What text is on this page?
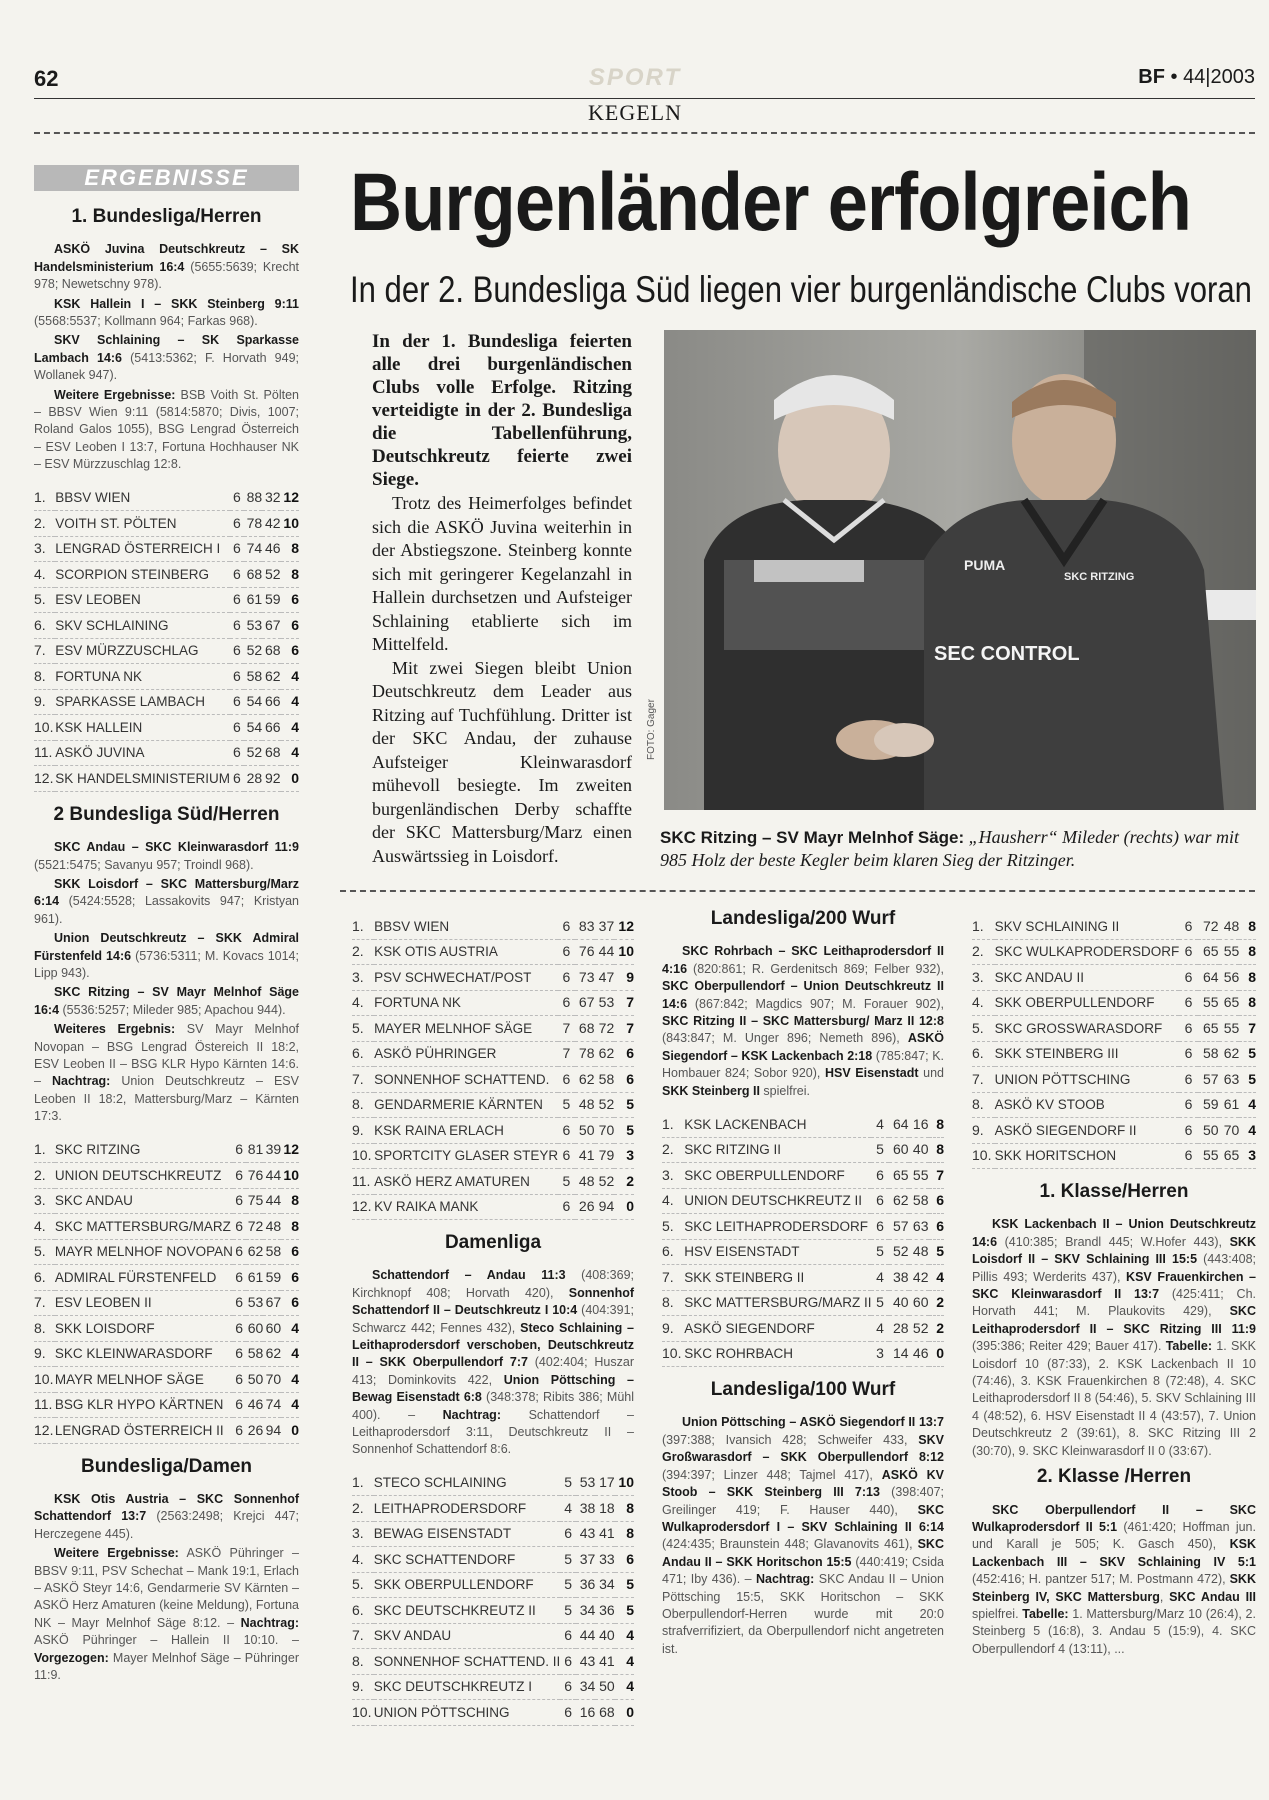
62	SPORT	BF • 44|2003
KEGELN
ERGEBNISSE
1. Bundesliga/Herren

ASKÖ Juvina Deutschkreutz – SK Handelsministerium 16:4 (5655:5639; Krecht 978; Newetschny 978).

KSK Hallein I – SKK Steinberg 9:11 (5568:5537; Kollmann 964; Farkas 968).

SKV Schlaining – SK Sparkasse Lambach 14:6 (5413:5362; F. Horvath 949; Wollanek 947).

Weitere Ergebnisse: BSB Voith St. Pölten – BBSV Wien 9:11 (5814:5870; Divis, 1007; Roland Galos 1055), BSG Lengrad Österreich – ESV Leoben I 13:7, Fortuna Hochhauser NK – ESV Mürzzuschlag 12:8.

1.	BBSV WIEN	6	88	32	12
2.	VOITH ST. PÖLTEN	6	78	42	10
3.	LENGRAD ÖSTERREICH I	6	74	46	8
4.	SCORPION STEINBERG	6	68	52	8
5.	ESV LEOBEN	6	61	59	6
6.	SKV SCHLAINING	6	53	67	6
7.	ESV MÜRZZUSCHLAG	6	52	68	6
8.	FORTUNA NK	6	58	62	4
9.	SPARKASSE LAMBACH	6	54	66	4
10.	KSK HALLEIN	6	54	66	4
11.	ASKÖ JUVINA	6	52	68	4
12.	SK HANDELSMINISTERIUM	6	28	92	0
2 Bundesliga Süd/Herren

SKC Andau – SKC Kleinwarasdorf 11:9 (5521:5475; Savanyu 957; Troindl 968).

SKK Loisdorf – SKC Mattersburg/Marz 6:14 (5424:5528; Lassakovits 947; Kristyan 961).

Union Deutschkreutz – SKK Admiral Fürstenfeld 14:6 (5736:5311; M. Kovacs 1014; Lipp 943).

SKC Ritzing – SV Mayr Melnhof Säge 16:4 (5536:5257; Mileder 985; Apachou 944).

Weiteres Ergebnis: SV Mayr Melnhof Novopan – BSG Lengrad Östereich II 18:2, ESV Leoben II – BSG KLR Hypo Kärnten 14:6. – Nachtrag: Union Deutschkreutz – ESV Leoben II 18:2, Mattersburg/Marz – Kärnten 17:3.

1.	SKC RITZING	6	81	39	12
2.	UNION DEUTSCHKREUTZ	6	76	44	10
3.	SKC ANDAU	6	75	44	8
4.	SKC MATTERSBURG/MARZ	6	72	48	8
5.	MAYR MELNHOF NOVOPAN	6	62	58	6
6.	ADMIRAL FÜRSTENFELD	6	61	59	6
7.	ESV LEOBEN II	6	53	67	6
8.	SKK LOISDORF	6	60	60	4
9.	SKC KLEINWARASDORF	6	58	62	4
10.	MAYR MELNHOF SÄGE	6	50	70	4
11.	BSG KLR HYPO KÄRTNEN	6	46	74	4
12.	LENGRAD ÖSTERREICH II	6	26	94	0
Bundesliga/Damen

KSK Otis Austria – SKC Sonnenhof Schattendorf 13:7 (2563:2498; Krejci 447; Herczegene 445).

Weitere Ergebnisse: ASKÖ Pühringer – BBSV 9:11, PSV Schechat – Mank 19:1, Erlach – ASKÖ Steyr 14:6, Gendarmerie SV Kärnten – ASKÖ Herz Amaturen (keine Meldung), Fortuna NK – Mayr Melnhof Säge 8:12. – Nachtrag: ASKÖ Pühringer – Hallein II 10:10. – Vorgezogen: Mayer Melnhof Säge – Pühringer 11:9.

Burgenländer erfolgreich
In der 2. Bundesliga Süd liegen vier burgenländische Clubs voran
In der 1. Bundesliga feierten alle drei burgenländischen Clubs volle Erfolge. Ritzing verteidigte in der 2. Bundesliga die Tabellenführung, Deutschkreutz feierte zwei Siege.

Trotz des Heimerfolges befindet sich die ASKÖ Juvina weiterhin in der Abstiegszone. Steinberg konnte sich mit geringerer Kegelanzahl in Hallein durchsetzen und Aufsteiger Schlaining etablierte sich im Mittelfeld.

Mit zwei Siegen bleibt Union Deutschkreutz dem Leader aus Ritzing auf Tuchfühlung. Dritter ist der SKC Andau, der zuhause Aufsteiger Kleinwarasdorf mühevoll besiegte. Im zweiten burgenländischen Derby schaffte der SKC Mattersburg/Marz einen Auswärtssieg in Loisdorf.

PUMA
SKC RITZING
SEC CONTROL
FOTO: Gager
SKC Ritzing – SV Mayr Melnhof Säge: „Hausherr“ Mileder (rechts) war mit 985 Holz der beste Kegler beim klaren Sieg der Ritzinger.
1.	BBSV WIEN	6	83	37	12
2.	KSK OTIS AUSTRIA	6	76	44	10
3.	PSV SCHWECHAT/POST	6	73	47	9
4.	FORTUNA NK	6	67	53	7
5.	MAYER MELNHOF SÄGE	7	68	72	7
6.	ASKÖ PÜHRINGER	7	78	62	6
7.	SONNENHOF SCHATTEND.	6	62	58	6
8.	GENDARMERIE KÄRNTEN	5	48	52	5
9.	KSK RAINA ERLACH	6	50	70	5
10.	SPORTCITY GLASER STEYR	6	41	79	3
11.	ASKÖ HERZ AMATUREN	5	48	52	2
12.	KV RAIKA MANK	6	26	94	0
Damenliga

Schattendorf – Andau 11:3 (408:369; Kirchknopf 408; Horvath 420), Sonnenhof Schattendorf II – Deutschkreutz I 10:4 (404:391; Schwarcz 442; Fennes 432), Steco Schlaining – Leithaprodersdorf verschoben, Deutschkreutz II – SKK Oberpullendorf 7:7 (402:404; Huszar 413; Dominkovits 422, Union Pöttsching – Bewag Eisenstadt 6:8 (348:378; Ribits 386; Mühl 400). – Nachtrag: Schattendorf – Leithaprodersdorf 3:11, Deutschkreutz II – Sonnenhof Schattendorf 8:6.

1.	STECO SCHLAINING	5	53	17	10
2.	LEITHAPRODERSDORF	4	38	18	8
3.	BEWAG EISENSTADT	6	43	41	8
4.	SKC SCHATTENDORF	5	37	33	6
5.	SKK OBERPULLENDORF	5	36	34	5
6.	SKC DEUTSCHKREUTZ II	5	34	36	5
7.	SKV ANDAU	6	44	40	4
8.	SONNENHOF SCHATTEND. II	6	43	41	4
9.	SKC DEUTSCHKREUTZ I	6	34	50	4
10.	UNION PÖTTSCHING	6	16	68	0
Landesliga/200 Wurf

SKC Rohrbach – SKC Leithaprodersdorf II 4:16 (820:861; R. Gerdenitsch 869; Felber 932), SKC Oberpullendorf – Union Deutschkreutz II 14:6 (867:842; Magdics 907; M. Forauer 902), SKC Ritzing II – SKC Mattersburg/ Marz II 12:8 (843:847; M. Unger 896; Nemeth 896), ASKÖ Siegendorf – KSK Lackenbach 2:18 (785:847; K. Hombauer 824; Sobor 920), HSV Eisenstadt und SKK Steinberg II spielfrei.

1.	KSK LACKENBACH	4	64	16	8
2.	SKC RITZING II	5	60	40	8
3.	SKC OBERPULLENDORF	6	65	55	7
4.	UNION DEUTSCHKREUTZ II	6	62	58	6
5.	SKC LEITHAPRODERSDORF	6	57	63	6
6.	HSV EISENSTADT	5	52	48	5
7.	SKK STEINBERG II	4	38	42	4
8.	SKC MATTERSBURG/MARZ II	5	40	60	2
9.	ASKÖ SIEGENDORF	4	28	52	2
10.	SKC ROHRBACH	3	14	46	0
Landesliga/100 Wurf

Union Pöttsching – ASKÖ Siegendorf II 13:7 (397:388; Ivansich 428; Schweifer 433, SKV Großwarasdorf – SKK Oberpullendorf 8:12 (394:397; Linzer 448; Tajmel 417), ASKÖ KV Stoob – SKK Steinberg III 7:13 (398:407; Greilinger 419; F. Hauser 440), SKC Wulkaprodersdorf I – SKV Schlaining II 6:14 (424:435; Braunstein 448; Glavanovits 461), SKC Andau II – SKK Horitschon 15:5 (440:419; Csida 471; Iby 436). – Nachtrag: SKC Andau II – Union Pöttsching 15:5, SKK Horitschon – SKK Oberpullendorf-Herren wurde mit 20:0 strafverrifiziert, da Oberpullendorf nicht angetreten ist.

1.	SKV SCHLAINING II	6	72	48	8
2.	SKC WULKAPRODERSDORF	6	65	55	8
3.	SKC ANDAU II	6	64	56	8
4.	SKK OBERPULLENDORF	6	55	65	8
5.	SKC GROSSWARASDORF	6	65	55	7
6.	SKK STEINBERG III	6	58	62	5
7.	UNION PÖTTSCHING	6	57	63	5
8.	ASKÖ KV STOOB	6	59	61	4
9.	ASKÖ SIEGENDORF II	6	50	70	4
10.	SKK HORITSCHON	6	55	65	3
1. Klasse/Herren

KSK Lackenbach II – Union Deutschkreutz 14:6 (410:385; Brandl 445; W.Hofer 443), SKK Loisdorf II – SKV Schlaining III 15:5 (443:408; Pillis 493; Werderits 437), KSV Frauenkirchen – SKC Kleinwarasdorf II 13:7 (425:411; Ch. Horvath 441; M. Plaukovits 429), SKC Leithaprodersdorf II – SKC Ritzing III 11:9 (395:386; Reiter 429; Bauer 417). Tabelle: 1. SKK Loisdorf 10 (87:33), 2. KSK Lackenbach II 10 (74:46), 3. KSK Frauenkirchen 8 (72:48), 4. SKC Leithaprodersdorf II 8 (54:46), 5. SKV Schlaining III 4 (48:52), 6. HSV Eisenstadt II 4 (43:57), 7. Union Deutschkreutz 2 (39:61), 8. SKC Ritzing III 2 (30:70), 9. SKC Kleinwarasdorf II 0 (33:67).

2. Klasse /Herren

SKC Oberpullendorf II – SKC Wulkaprodersdorf II 5:1 (461:420; Hoffman jun. und Karall je 505; K. Gasch 450), KSK Lackenbach III – SKV Schlaining IV 5:1 (452:416; H. pantzer 517; M. Postmann 472), SKK Steinberg IV, SKC Mattersburg, SKC Andau III spielfrei. Tabelle: 1. Mattersburg/Marz 10 (26:4), 2. Steinberg 5 (16:8), 3. Andau 5 (15:9), 4. SKC Oberpullendorf 4 (13:11), ...
